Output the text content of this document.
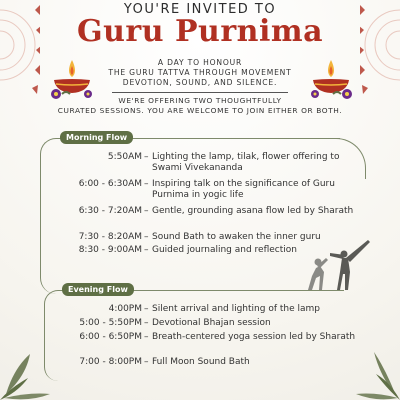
YOU'RE INVITED TO
Guru Purnima
A DAY TO HONOUR
THE GURU TATTVA THROUGH MOVEMENT
DEVOTION, SOUND, AND SILENCE.
WE'RE OFFERING TWO THOUGHTFULLY
CURATED SESSIONS. YOU ARE WELCOME TO JOIN EITHER OR BOTH.
Morning Flow
5:50AM – Lighting the lamp, tilak, flower offering to Swami Vivekananda
6:00 - 6:30AM – Inspiring talk on the significance of Guru Purnima in yogic life
6:30 - 7:20AM – Gentle, grounding asana flow led by Sharath
7:30 - 8:20AM – Sound Bath to awaken the inner guru
8:30 - 9:00AM – Guided journaling and reflection
Evening Flow
4:00PM – Silent arrival and lighting of the lamp
5:00 - 5:50PM – Devotional Bhajan session
6:00 - 6:50PM – Breath-centered yoga session led by Sharath
7:00 - 8:00PM – Full Moon Sound Bath
